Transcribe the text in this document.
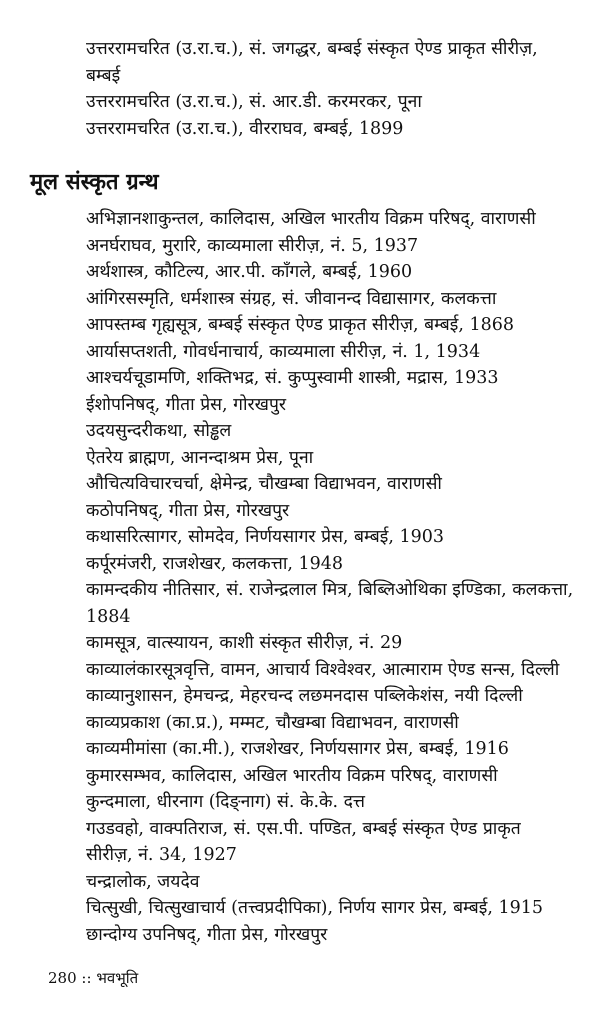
उत्तररामचरित (उ.रा.च.), सं. जगद्धर, बम्बई संस्कृत ऐण्ड प्राकृत सीरीज़,
बम्बई
उत्तररामचरित (उ.रा.च.), सं. आर.डी. करमरकर, पूना
उत्तररामचरित (उ.रा.च.), वीरराघव, बम्बई, 1899
मूल संस्कृत ग्रन्थ
अभिज्ञानशाकुन्तल, कालिदास, अखिल भारतीय विक्रम परिषद्, वाराणसी
अनर्घराघव, मुरारि, काव्यमाला सीरीज़, नं. 5, 1937
अर्थशास्त्र, कौटिल्य, आर.पी. काँगले, बम्बई, 1960
आंगिरसस्मृति, धर्मशास्त्र संग्रह, सं. जीवानन्द विद्यासागर, कलकत्ता
आपस्तम्ब गृह्यसूत्र, बम्बई संस्कृत ऐण्ड प्राकृत सीरीज़, बम्बई, 1868
आर्यासप्तशती, गोवर्धनाचार्य, काव्यमाला सीरीज़, नं. 1, 1934
आश्चर्यचूडामणि, शक्तिभद्र, सं. कुप्पुस्वामी शास्त्री, मद्रास, 1933
ईशोपनिषद्, गीता प्रेस, गोरखपुर
उदयसुन्दरीकथा, सोड्ढल
ऐतरेय ब्राह्मण, आनन्दाश्रम प्रेस, पूना
औचित्यविचारचर्चा, क्षेमेन्द्र, चौखम्बा विद्याभवन, वाराणसी
कठोपनिषद्, गीता प्रेस, गोरखपुर
कथासरित्सागर, सोमदेव, निर्णयसागर प्रेस, बम्बई, 1903
कर्पूरमंजरी, राजशेखर, कलकत्ता, 1948
कामन्दकीय नीतिसार, सं. राजेन्द्रलाल मित्र, बिब्लिओथिका इण्डिका, कलकत्ता,
1884
कामसूत्र, वात्स्यायन, काशी संस्कृत सीरीज़, नं. 29
काव्यालंकारसूत्रवृत्ति, वामन, आचार्य विश्वेश्वर, आत्माराम ऐण्ड सन्स, दिल्ली
काव्यानुशासन, हेमचन्द्र, मेहरचन्द लछमनदास पब्लिकेशंस, नयी दिल्ली
काव्यप्रकाश (का.प्र.), मम्मट, चौखम्बा विद्याभवन, वाराणसी
काव्यमीमांसा (का.मी.), राजशेखर, निर्णयसागर प्रेस, बम्बई, 1916
कुमारसम्भव, कालिदास, अखिल भारतीय विक्रम परिषद्, वाराणसी
कुन्दमाला, धीरनाग (दिङ्नाग) सं. के.के. दत्त
गउडवहो, वाक्पतिराज, सं. एस.पी. पण्डित, बम्बई संस्कृत ऐण्ड प्राकृत
सीरीज़, नं. 34, 1927
चन्द्रालोक, जयदेव
चित्सुखी, चित्सुखाचार्य (तत्त्वप्रदीपिका), निर्णय सागर प्रेस, बम्बई, 1915
छान्दोग्य उपनिषद्, गीता प्रेस, गोरखपुर
280 :: भवभूति
